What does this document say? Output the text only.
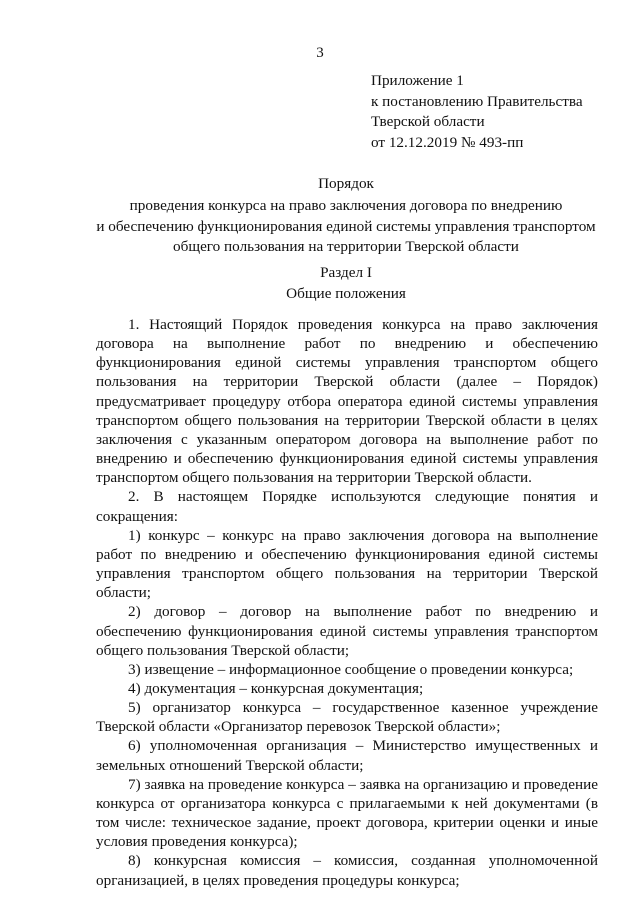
3
Приложение 1
к постановлению Правительства
Тверской области
от 12.12.2019 № 493-пп
Порядок
проведения конкурса на право заключения договора по внедрению
и обеспечению функционирования единой системы управления транспортом
общего пользования на территории Тверской области
Раздел I
Общие положения

1. Настоящий Порядок проведения конкурса на право заключения договора на выполнение работ по внедрению и обеспечению функционирования единой системы управления транспортом общего пользования на территории Тверской области (далее – Порядок) предусматривает процедуру отбора оператора единой системы управления транспортом общего пользования на территории Тверской области в целях заключения с указанным оператором договора на выполнение работ по внедрению и обеспечению функционирования единой системы управления транспортом общего пользования на территории Тверской области.

2. В настоящем Порядке используются следующие понятия и сокращения:

1) конкурс – конкурс на право заключения договора на выполнение работ по внедрению и обеспечению функционирования единой системы управления транспортом общего пользования на территории Тверской области;

2) договор – договор на выполнение работ по внедрению и обеспечению функционирования единой системы управления транспортом общего пользования Тверской области;

3) извещение – информационное сообщение о проведении конкурса;

4) документация – конкурсная документация;

5) организатор конкурса – государственное казенное учреждение Тверской области «Организатор перевозок Тверской области»;

6) уполномоченная организация – Министерство имущественных и земельных отношений Тверской области;

7) заявка на проведение конкурса – заявка на организацию и проведение конкурса от организатора конкурса с прилагаемыми к ней документами (в том числе: техническое задание, проект договора, критерии оценки и иные условия проведения конкурса);

8) конкурсная комиссия – комиссия, созданная уполномоченной организацией, в целях проведения процедуры конкурса;
